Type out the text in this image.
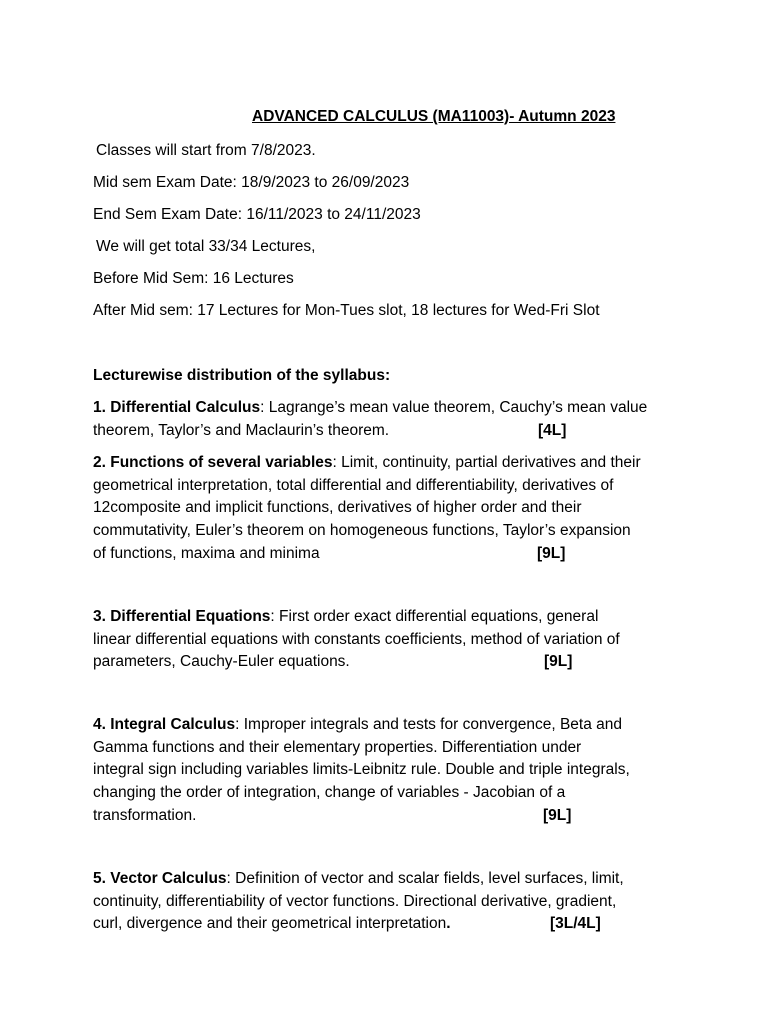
ADVANCED CALCULUS (MA11003)- Autumn 2023
Classes will start from 7/8/2023.
Mid sem Exam Date: 18/9/2023 to 26/09/2023
End Sem Exam Date: 16/11/2023 to 24/11/2023
We will get total 33/34 Lectures,
Before Mid Sem: 16 Lectures
After Mid sem: 17 Lectures for Mon-Tues slot, 18 lectures for Wed-Fri Slot
Lecturewise distribution of the syllabus:
1. Differential Calculus: Lagrange’s mean value theorem, Cauchy’s mean value
theorem, Taylor’s and Maclaurin’s theorem.	[4L]
2. Functions of several variables: Limit, continuity, partial derivatives and their
geometrical interpretation, total differential and differentiability, derivatives of
12composite and implicit functions, derivatives of higher order and their
commutativity, Euler’s theorem on homogeneous functions, Taylor’s expansion
of functions, maxima and minima	[9L]
3. Differential Equations: First order exact differential equations, general
linear differential equations with constants coefficients, method of variation of
parameters, Cauchy-Euler equations.	[9L]
4. Integral Calculus: Improper integrals and tests for convergence, Beta and
Gamma functions and their elementary properties. Differentiation under
integral sign including variables limits-Leibnitz rule. Double and triple integrals,
changing the order of integration, change of variables - Jacobian of a
transformation.	[9L]
5. Vector Calculus: Definition of vector and scalar fields, level surfaces, limit,
continuity, differentiability of vector functions. Directional derivative, gradient,
curl, divergence and their geometrical interpretation.	[3L/4L]
